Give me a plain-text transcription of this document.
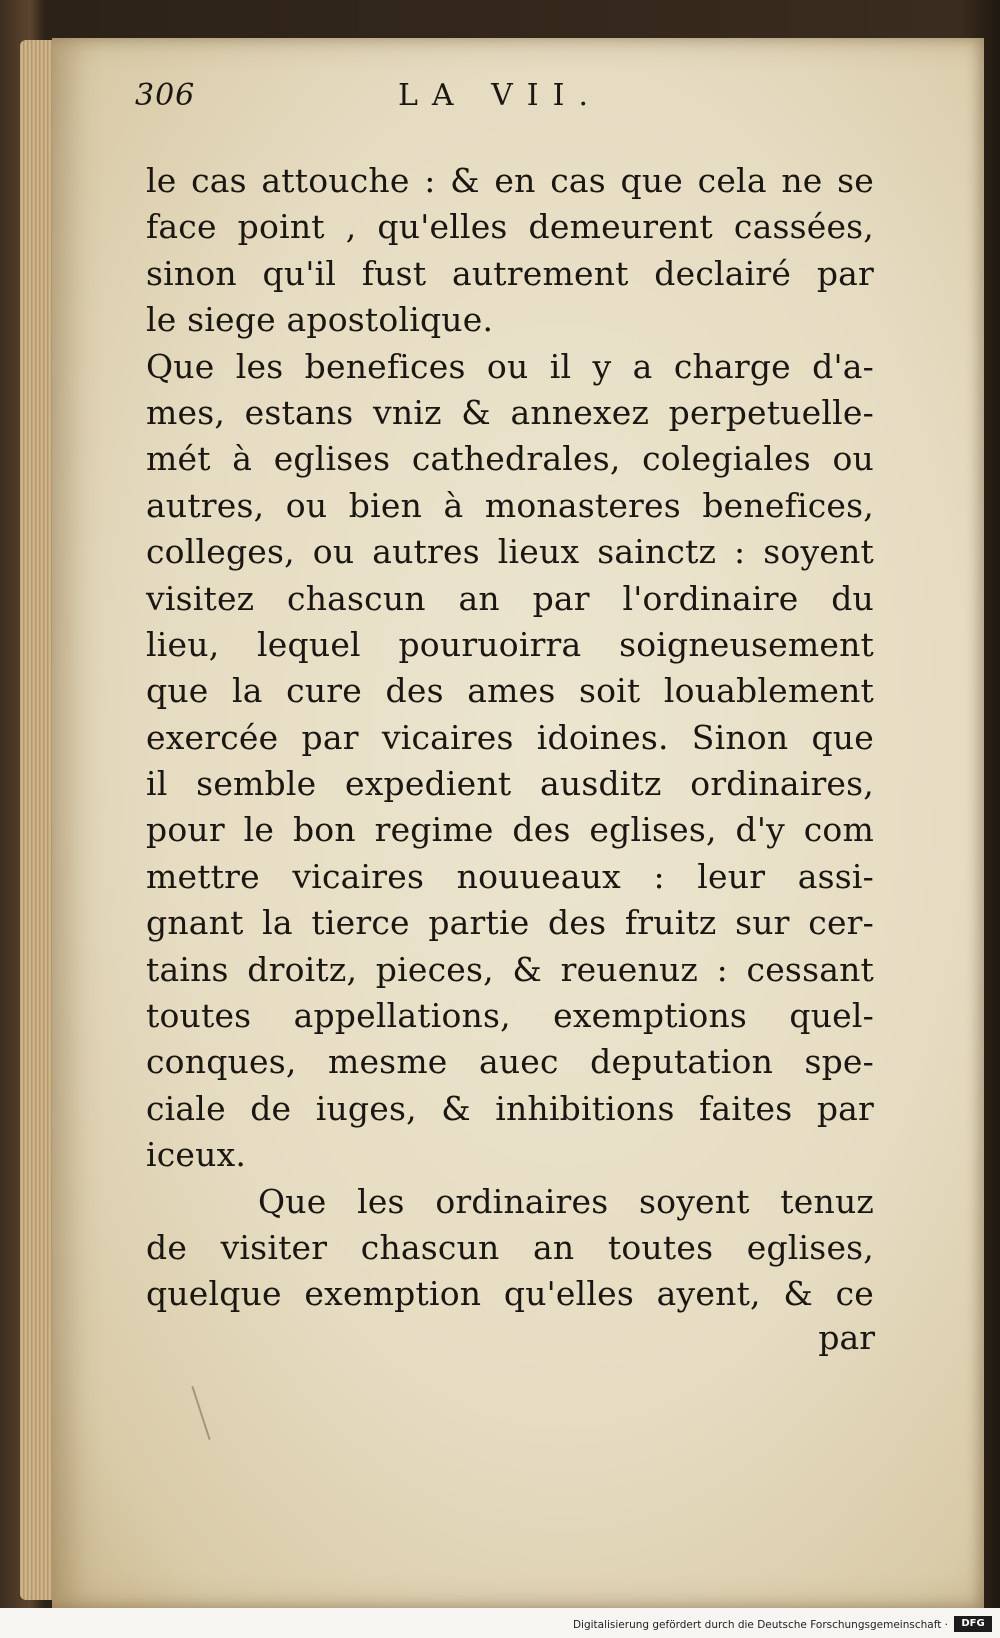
306	LA VII.
le cas attouche : & en cas que cela ne se
face point , qu'elles demeurent cassées,
sinon qu'il fust autrement declairé par
le siege apostolique.
Que les benefices ou il y a charge d'a-
mes, estans vniz & annexez perpetuelle-
mét à eglises cathedrales, colegiales ou
autres, ou bien à monasteres benefices,
colleges, ou autres lieux sainctz : soyent
visitez chascun an par l'ordinaire du
lieu, lequel pouruoirra soigneusement
que la cure des ames soit louablement
exercée par vicaires idoines. Sinon que
il semble expedient ausditz ordinaires,
pour le bon regime des eglises, d'y com
mettre vicaires nouueaux : leur assi-
gnant la tierce partie des fruitz sur cer-
tains droitz, pieces, & reuenuz : cessant
toutes appellations, exemptions quel-
conques, mesme auec deputation spe-
ciale de iuges, & inhibitions faites par
iceux.
Que les ordinaires soyent tenuz
de visiter chascun an toutes eglises,
quelque exemption qu'elles ayent, & ce
par
Digitalisierung gefördert durch die Deutsche Forschungsgemeinschaft ·	DFG
